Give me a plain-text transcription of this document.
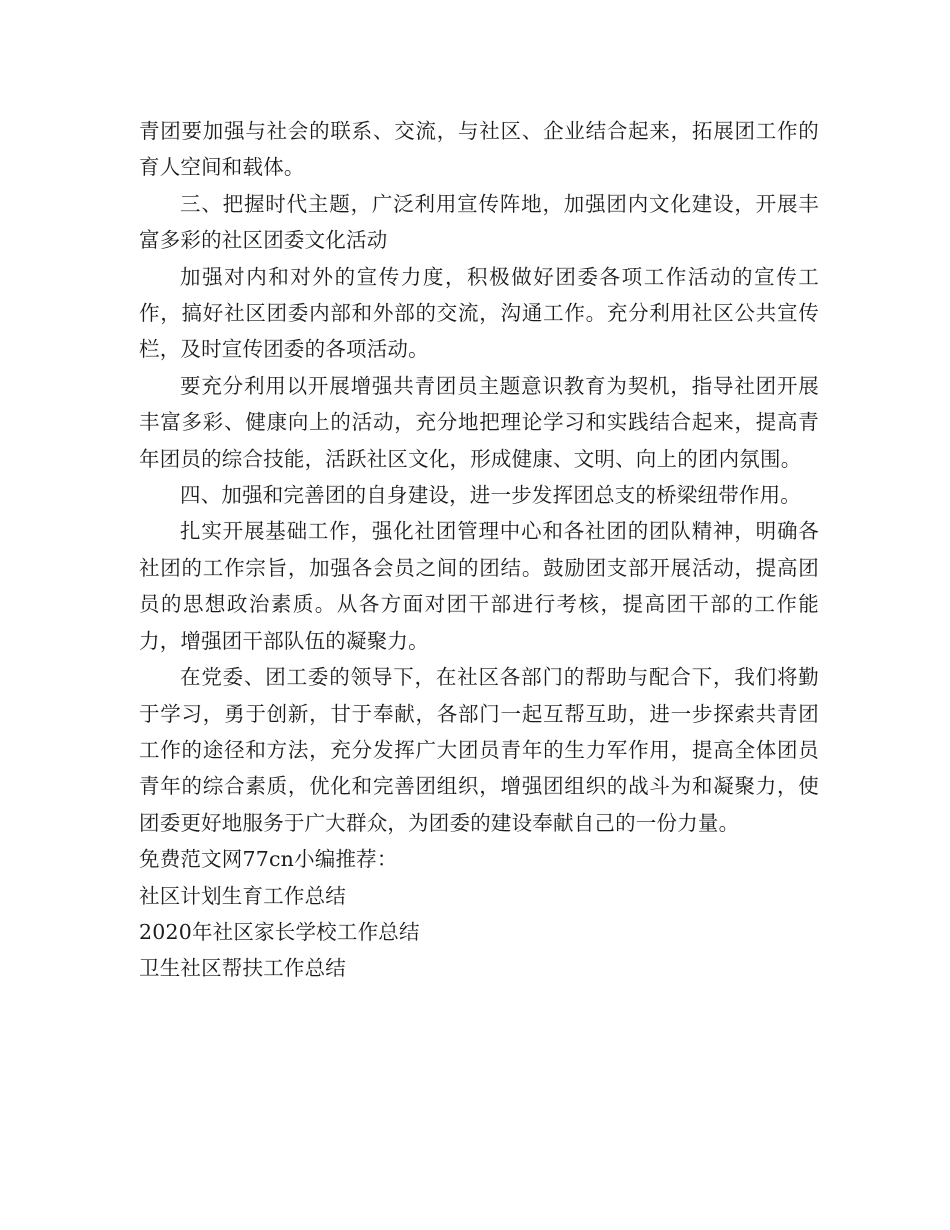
青团要加强与社会的联系、交流，与社区、企业结合起来，拓展团工作的育人空间和载体。

三、把握时代主题，广泛利用宣传阵地，加强团内文化建设，开展丰富多彩的社区团委文化活动

加强对内和对外的宣传力度，积极做好团委各项工作活动的宣传工作，搞好社区团委内部和外部的交流，沟通工作。充分利用社区公共宣传栏，及时宣传团委的各项活动。

要充分利用以开展增强共青团员主题意识教育为契机，指导社团开展丰富多彩、健康向上的活动，充分地把理论学习和实践结合起来，提高青年团员的综合技能，活跃社区文化，形成健康、文明、向上的团内氛围。

四、加强和完善团的自身建设，进一步发挥团总支的桥梁纽带作用。

扎实开展基础工作，强化社团管理中心和各社团的团队精神，明确各社团的工作宗旨，加强各会员之间的团结。鼓励团支部开展活动，提高团员的思想政治素质。从各方面对团干部进行考核，提高团干部的工作能力，增强团干部队伍的凝聚力。

在党委、团工委的领导下，在社区各部门的帮助与配合下，我们将勤于学习，勇于创新，甘于奉献，各部门一起互帮互助，进一步探索共青团工作的途径和方法，充分发挥广大团员青年的生力军作用，提高全体团员青年的综合素质，优化和完善团组织，增强团组织的战斗为和凝聚力，使团委更好地服务于广大群众，为团委的建设奉献自己的一份力量。

免费范文网77cn小编推荐：

社区计划生育工作总结

2020年社区家长学校工作总结

卫生社区帮扶工作总结
